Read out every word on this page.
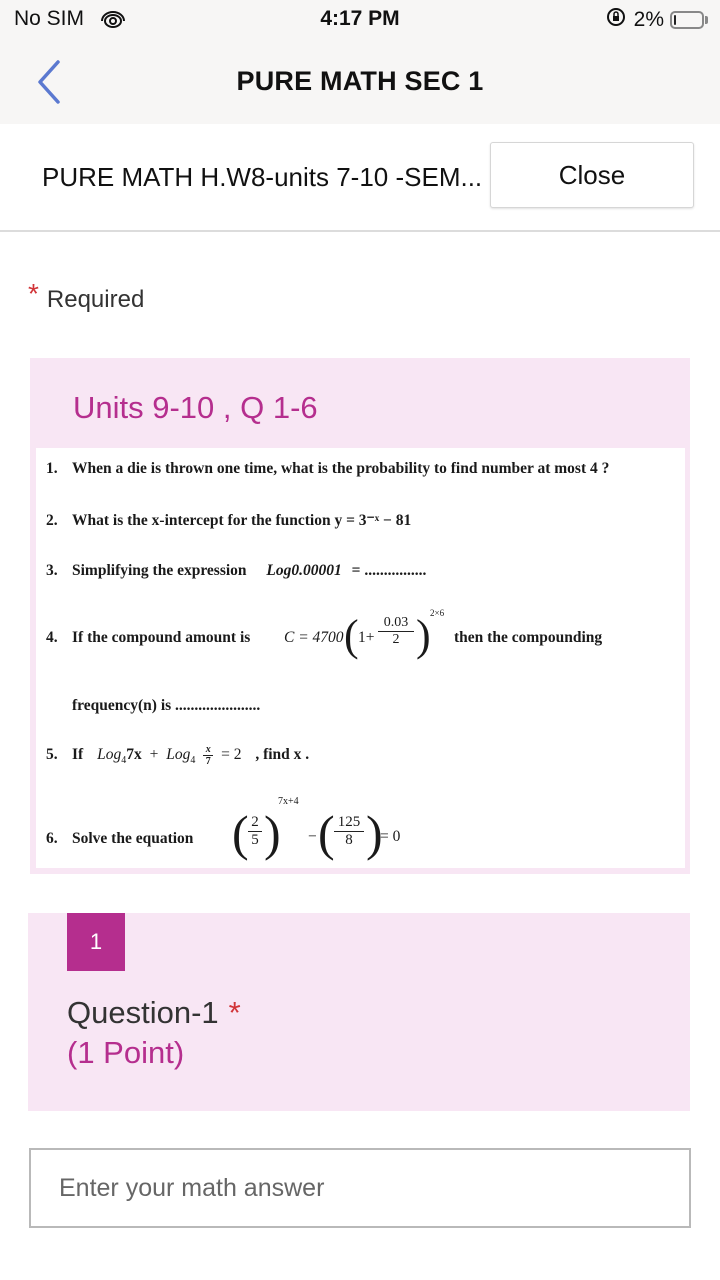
No SIM	4:17 PM	2%
PURE MATH SEC 1
PURE MATH H.W8-units 7-10 -SEM...	Close
* Required
Units 9-10 , Q 1-6
1. When a die is thrown one time, what is the probability to find number at most 4 ?
2. What is the x-intercept for the function y = 3⁻ˣ − 81
3. Simplifying the expression Log0.00001 = ................
4. If the compound amount is C = 4700 ( $1+ \frac{0.03}{2}$ ) 2×6
then the compounding
frequency(n) is ......................
5. If $Log_47x + Log_4 \frac{x}{7} = 2$ , find x .
6. Solve the equation ( $\frac{2}{5}$ )
7x+4
− ( $\frac{125}{8}$ )
= 0
1
Question-1 *
(1 Point)
Enter your math answer
